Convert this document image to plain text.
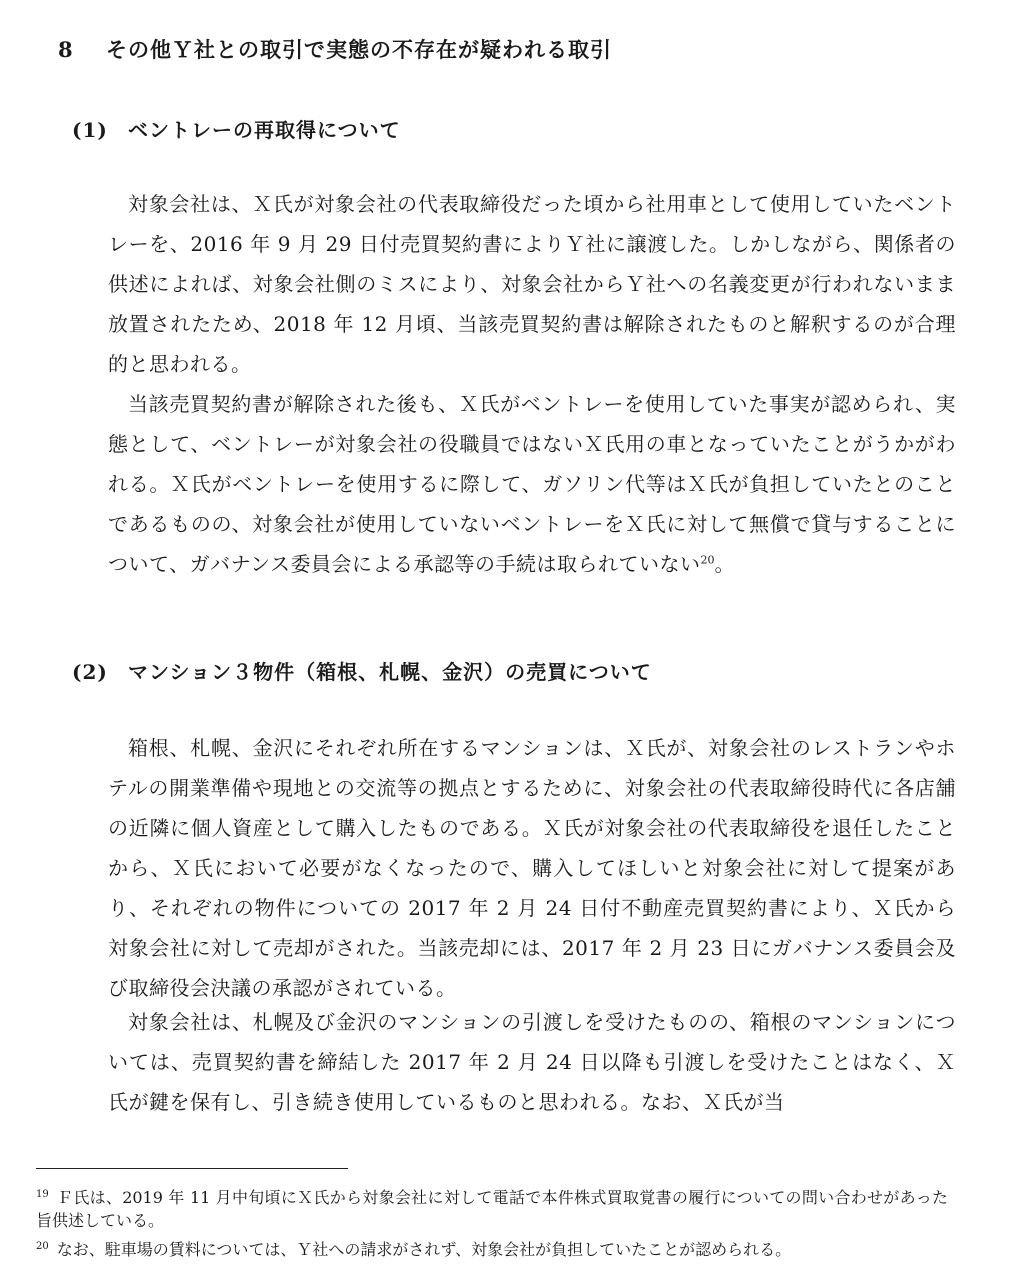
8 その他Ｙ社との取引で実態の不存在が疑われる取引
(1) ベントレーの再取得について
対象会社は、Ｘ氏が対象会社の代表取締役だった頃から社用車として使用していたベントレーを、2016 年 9 月 29 日付売買契約書によりＹ社に譲渡した。しかしながら、関係者の供述によれば、対象会社側のミスにより、対象会社からＹ社への名義変更が行われないまま放置されたため、2018 年 12 月頃、当該売買契約書は解除されたものと解釈するのが合理的と思われる。
当該売買契約書が解除された後も、Ｘ氏がベントレーを使用していた事実が認められ、実態として、ベントレーが対象会社の役職員ではないＸ氏用の車となっていたことがうかがわれる。Ｘ氏がベントレーを使用するに際して、ガソリン代等はＸ氏が負担していたとのことであるものの、対象会社が使用していないベントレーをＸ氏に対して無償で貸与することについて、ガバナンス委員会による承認等の手続は取られていない$^{20}$。
(2) マンション３物件（箱根、札幌、金沢）の売買について
箱根、札幌、金沢にそれぞれ所在するマンションは、Ｘ氏が、対象会社のレストランやホテルの開業準備や現地との交流等の拠点とするために、対象会社の代表取締役時代に各店舗の近隣に個人資産として購入したものである。Ｘ氏が対象会社の代表取締役を退任したことから、Ｘ氏において必要がなくなったので、購入してほしいと対象会社に対して提案があり、それぞれの物件についての 2017 年 2 月 24 日付不動産売買契約書により、Ｘ氏から対象会社に対して売却がされた。当該売却には、2017 年 2 月 23 日にガバナンス委員会及び取締役会決議の承認がされている。
対象会社は、札幌及び金沢のマンションの引渡しを受けたものの、箱根のマンションについては、売買契約書を締結した 2017 年 2 月 24 日以降も引渡しを受けたことはなく、Ｘ氏が鍵を保有し、引き続き使用しているものと思われる。なお、Ｘ氏が当
$^{19}$ Ｆ氏は、2019 年 11 月中旬頃にＸ氏から対象会社に対して電話で本件株式買取覚書の履行についての問い合わせがあった旨供述している。
$^{20}$ なお、駐車場の賃料については、Ｙ社への請求がされず、対象会社が負担していたことが認められる。
